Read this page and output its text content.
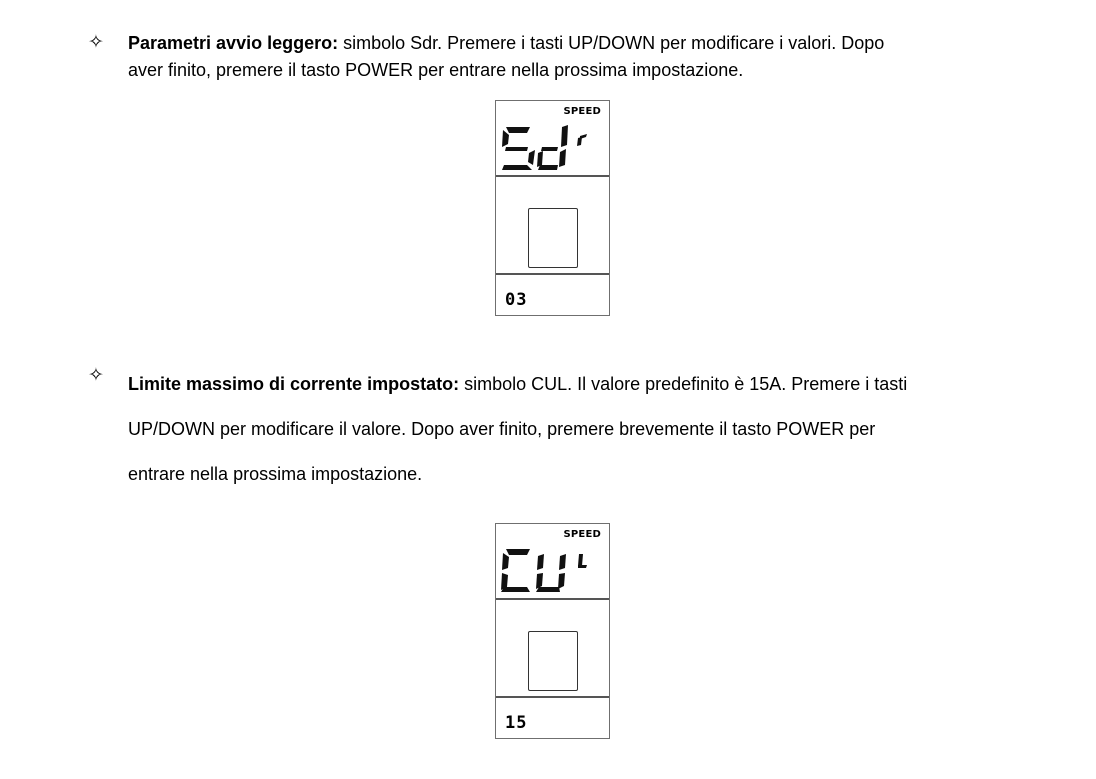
✧ Parametri avvio leggero: simbolo Sdr. Premere i tasti UP/DOWN per modificare i valori. Dopo
aver finito, premere il tasto POWER per entrare nella prossima impostazione.

SPEED
Sdr
03
✧ Limite massimo di corrente impostato: simbolo CUL. Il valore predefinito è 15A. Premere i tasti
UP/DOWN per modificare il valore. Dopo aver finito, premere brevemente il tasto POWER per
entrare nella prossima impostazione.

SPEED
CUL
15
